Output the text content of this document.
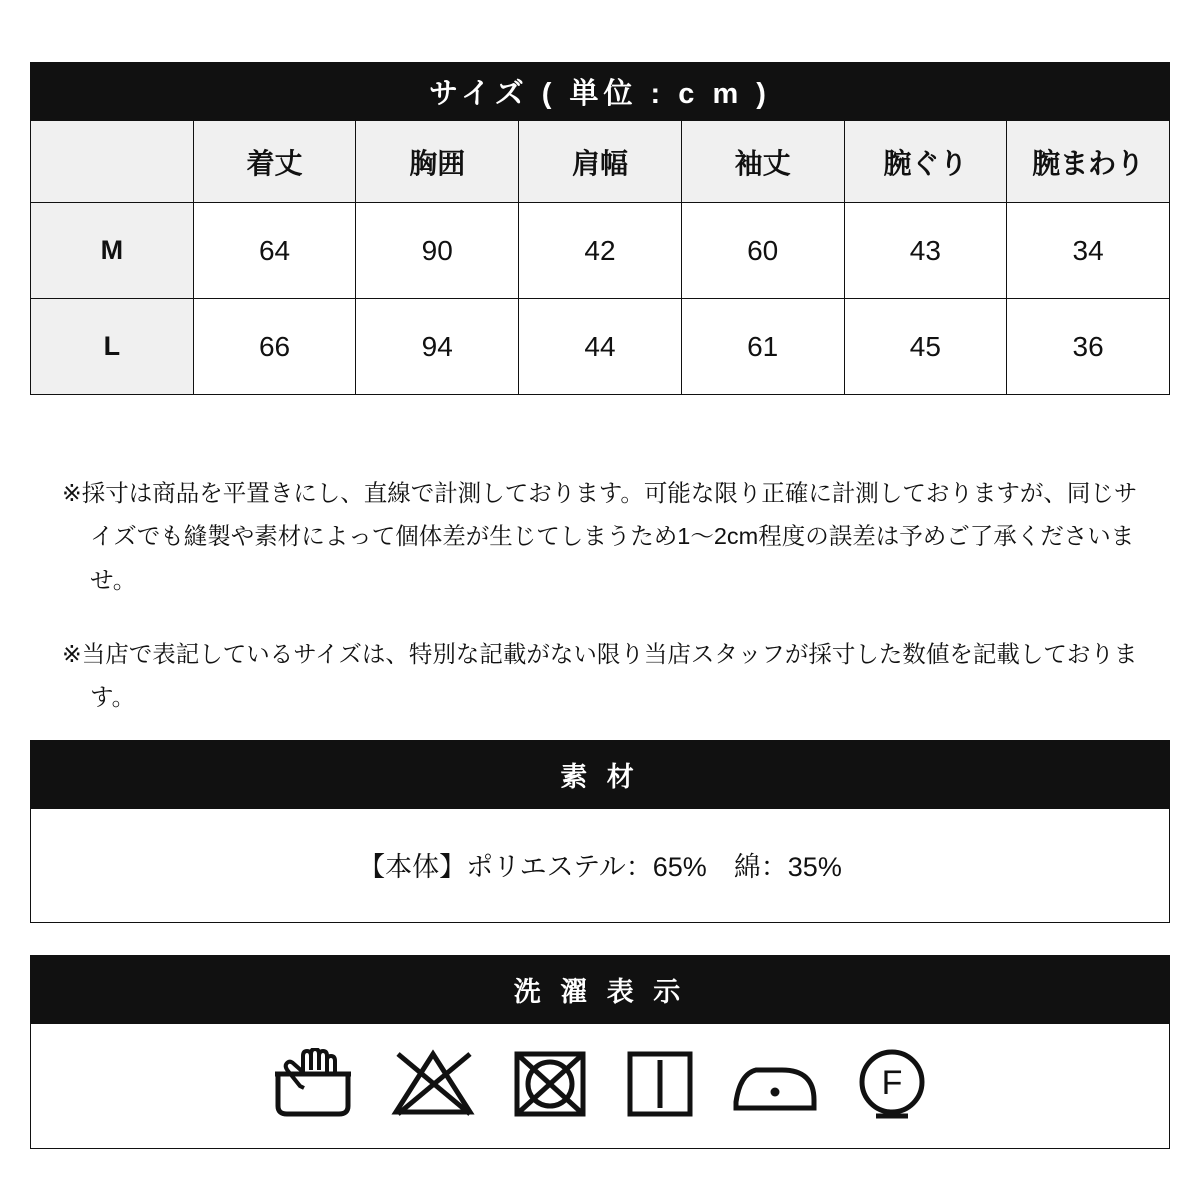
サイズ ( 単位 : c m )						
	着丈	胸囲	肩幅	袖丈	腕ぐり	腕まわり
M	64	90	42	60	43	34
L	66	94	44	61	45	36

※採寸は商品を平置きにし、直線で計測しております。可能な限り正確に計測しておりますが、同じサイズでも縫製や素材によって個体差が生じてしまうため1〜2cm程度の誤差は予めご了承くださいませ。

※当店で表記しているサイズは、特別な記載がない限り当店スタッフが採寸した数値を記載しております。

素 材
【本体】ポリエステル：65%　綿：35%
洗 濯 表 示
F
